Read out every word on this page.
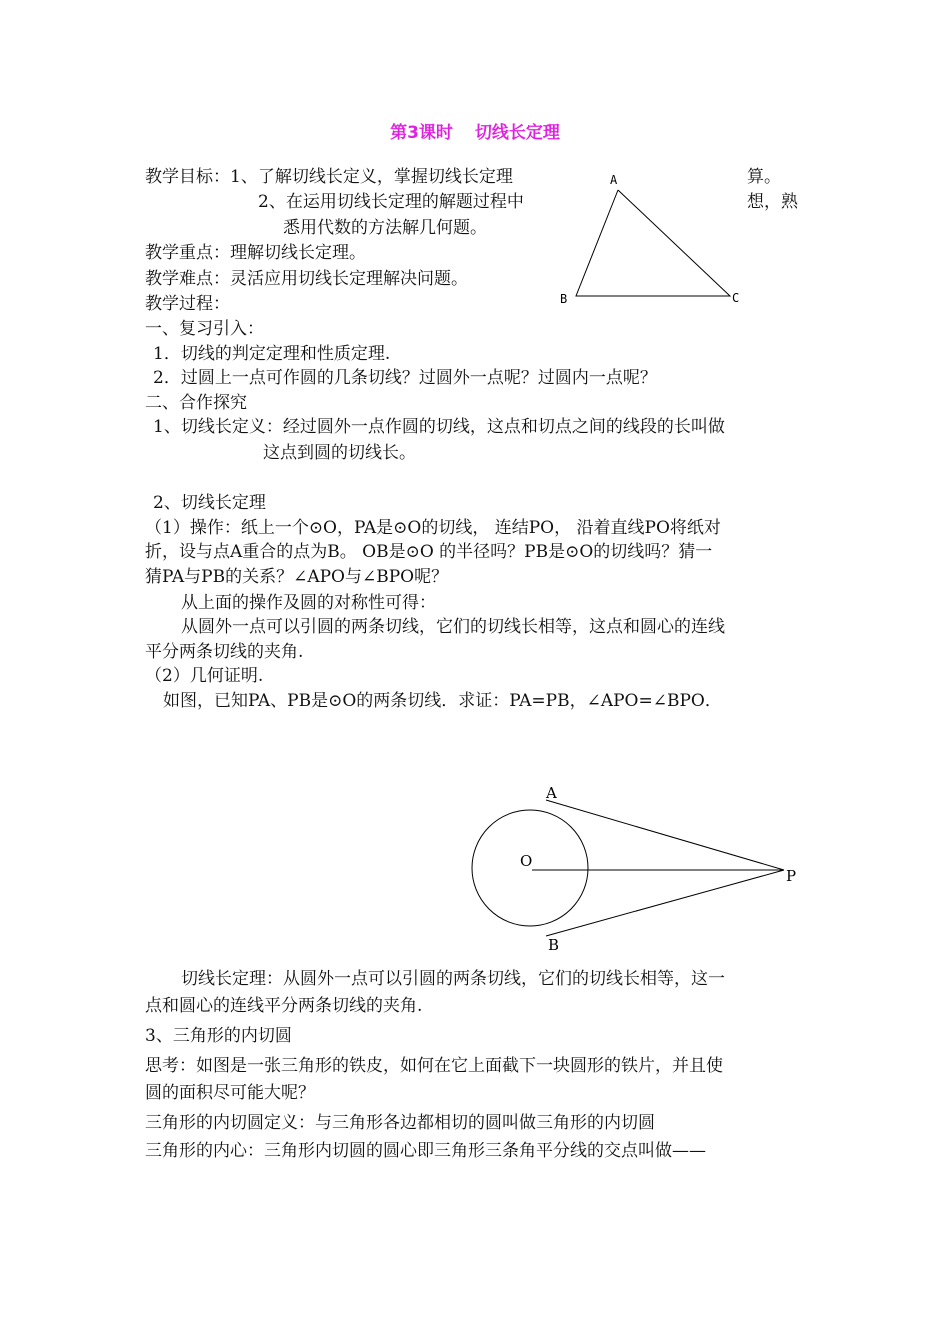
第3课时 切线长定理
教学目标：1、了解切线长定义，掌握切线长定理	算。
2、在运用切线长定理的解题过程中	想，熟
悉用代数的方法解几何题。
教学重点：理解切线长定理。
教学难点：灵活应用切线长定理解决问题。
教学过程：
A
B	C
一、复习引入：
1．切线的判定定理和性质定理.
2．过圆上一点可作圆的几条切线？过圆外一点呢？过圆内一点呢？
二、合作探究
1、切线长定义：经过圆外一点作圆的切线，这点和切点之间的线段的长叫做
这点到圆的切线长。
2、切线长定理
（1）操作：纸上一个⊙O，PA是⊙O的切线， 连结PO， 沿着直线PO将纸对
折，设与点A重合的点为B。 OB是⊙O 的半径吗？PB是⊙O的切线吗？猜一
猜PA与PB的关系？∠APO与∠BPO呢？
从上面的操作及圆的对称性可得：
从圆外一点可以引圆的两条切线，它们的切线长相等，这点和圆心的连线
平分两条切线的夹角.
（2）几何证明.
如图，已知PA、PB是⊙O的两条切线．求证：PA=PB，∠APO=∠BPO．
A
O
P
B
切线长定理：从圆外一点可以引圆的两条切线，它们的切线长相等，这一
点和圆心的连线平分两条切线的夹角.
3、三角形的内切圆
思考：如图是一张三角形的铁皮，如何在它上面截下一块圆形的铁片，并且使
圆的面积尽可能大呢？
三角形的内切圆定义：与三角形各边都相切的圆叫做三角形的内切圆
三角形的内心：三角形内切圆的圆心即三角形三条角平分线的交点叫做——
